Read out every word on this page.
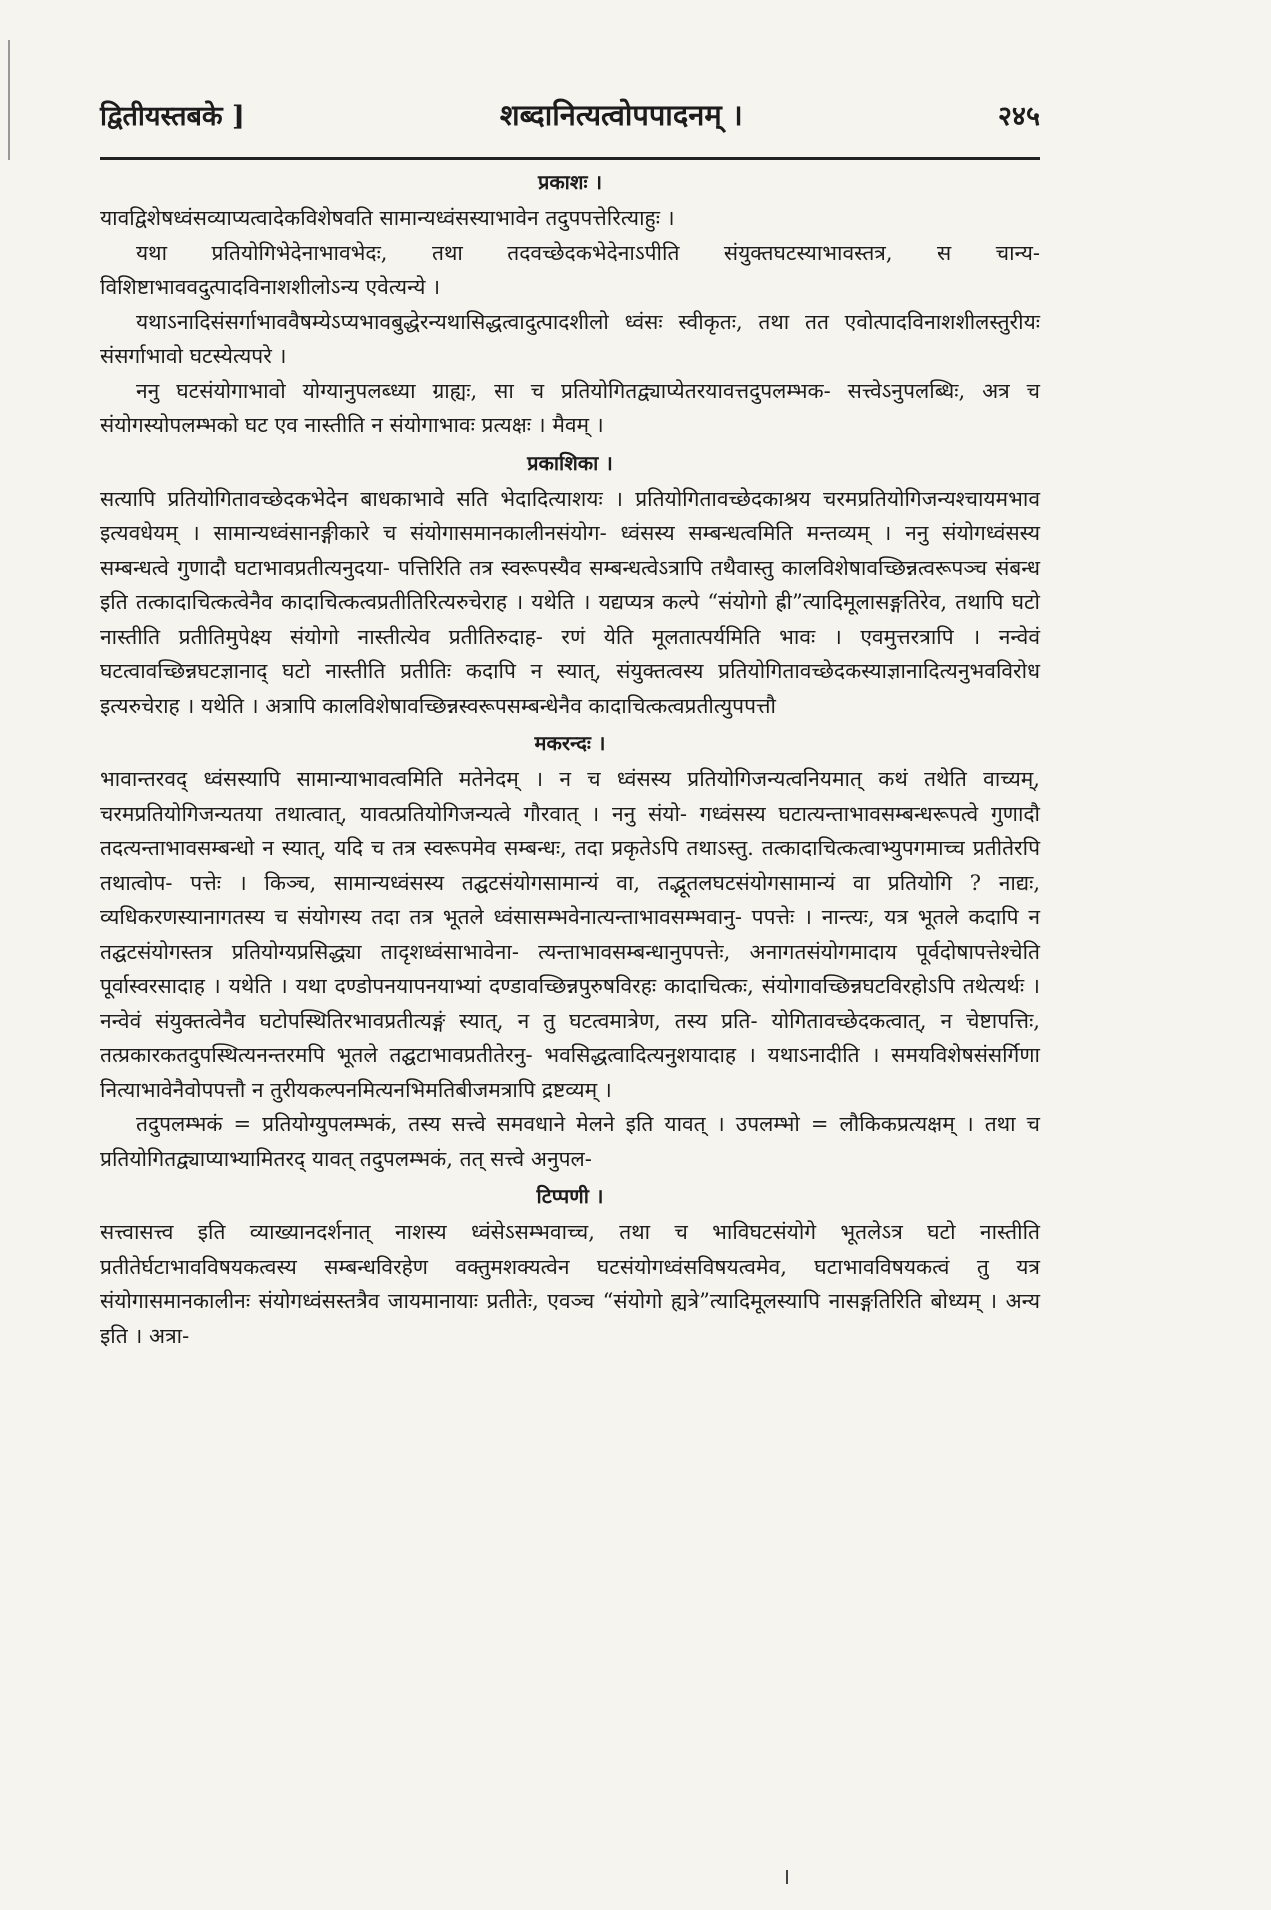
द्वितीयस्तबके ]	शब्दानित्यत्वोपपादनम् ।	२४५
प्रकाशः ।

यावद्विशेषध्वंसव्याप्यत्वादेकविशेषवति सामान्यध्वंसस्याभावेन तदुपपत्तेरित्याहुः ।

यथा प्रतियोगिभेदेनाभावभेदः, तथा तदवच्छेदकभेदेनाऽपीति संयुक्तघटस्याभावस्तत्र, स चान्य- विशिष्टाभाववदुत्पादविनाशशीलोऽन्य एवेत्यन्ये ।

यथाऽनादिसंसर्गाभाववैषम्येऽप्यभावबुद्धेरन्यथासिद्धत्वादुत्पादशीलो ध्वंसः स्वीकृतः, तथा तत एवोत्पादविनाशशीलस्तुरीयः संसर्गाभावो घटस्येत्यपरे ।

ननु घटसंयोगाभावो योग्यानुपलब्ध्या ग्राह्यः, सा च प्रतियोगितद्व्याप्येतरयावत्तदुपलम्भक- सत्त्वेऽनुपलब्धिः, अत्र च संयोगस्योपलम्भको घट एव नास्तीति न संयोगाभावः प्रत्यक्षः । मैवम् ।

प्रकाशिका ।

सत्यापि प्रतियोगितावच्छेदकभेदेन बाधकाभावे सति भेदादित्याशयः । प्रतियोगितावच्छेदकाश्रय चरमप्रतियोगिजन्यश्चायमभाव इत्यवधेयम् । सामान्यध्वंसानङ्गीकारे च संयोगासमानकालीनसंयोग- ध्वंसस्य सम्बन्धत्वमिति मन्तव्यम् । ननु संयोगध्वंसस्य सम्बन्धत्वे गुणादौ घटाभावप्रतीत्यनुदया- पत्तिरिति तत्र स्वरूपस्यैव सम्बन्धत्वेऽत्रापि तथैवास्तु कालविशेषावच्छिन्नत्वरूपञ्च संबन्ध इति तत्कादाचित्कत्वेनैव कादाचित्कत्वप्रतीतिरित्यरुचेराह । यथेति । यद्यप्यत्र कल्पे “संयोगो ह्री”त्यादिमूलासङ्गतिरेव, तथापि घटो नास्तीति प्रतीतिमुपेक्ष्य संयोगो नास्तीत्येव प्रतीतिरुदाह- रणं येति मूलतात्पर्यमिति भावः । एवमुत्तरत्रापि । नन्वेवं घटत्वावच्छिन्नघटज्ञानाद् घटो नास्तीति प्रतीतिः कदापि न स्यात्, संयुक्तत्वस्य प्रतियोगितावच्छेदकस्याज्ञानादित्यनुभवविरोध इत्यरुचेराह । यथेति । अत्रापि कालविशेषावच्छिन्नस्वरूपसम्बन्धेनैव कादाचित्कत्वप्रतीत्युपपत्तौ

मकरन्दः ।

भावान्तरवद् ध्वंसस्यापि सामान्याभावत्वमिति मतेनेदम् । न च ध्वंसस्य प्रतियोगिजन्यत्वनियमात् कथं तथेति वाच्यम्, चरमप्रतियोगिजन्यतया तथात्वात्, यावत्प्रतियोगिजन्यत्वे गौरवात् । ननु संयो- गध्वंसस्य घटात्यन्ताभावसम्बन्धरूपत्वे गुणादौ तदत्यन्ताभावसम्बन्धो न स्यात्, यदि च तत्र स्वरूपमेव सम्बन्धः, तदा प्रकृतेऽपि तथाऽस्तु. तत्कादाचित्कत्वाभ्युपगमाच्च प्रतीतेरपि तथात्वोप- पत्तेः । किञ्च, सामान्यध्वंसस्य तद्घटसंयोगसामान्यं वा, तद्भूतलघटसंयोगसामान्यं वा प्रतियोगि ? नाद्यः, व्यधिकरणस्यानागतस्य च संयोगस्य तदा तत्र भूतले ध्वंसासम्भवेनात्यन्ताभावसम्भवानु- पपत्तेः । नान्त्यः, यत्र भूतले कदापि न तद्घटसंयोगस्तत्र प्रतियोग्यप्रसिद्ध्या तादृशध्वंसाभावेना- त्यन्ताभावसम्बन्धानुपपत्तेः, अनागतसंयोगमादाय पूर्वदोषापत्तेश्चेति पूर्वास्वरसादाह । यथेति । यथा दण्डोपनयापनयाभ्यां दण्डावच्छिन्नपुरुषविरहः कादाचित्कः, संयोगावच्छिन्नघटविरहोऽपि तथेत्यर्थः । नन्वेवं संयुक्तत्वेनैव घटोपस्थितिरभावप्रतीत्यङ्गं स्यात्, न तु घटत्वमात्रेण, तस्य प्रति- योगितावच्छेदकत्वात्, न चेष्टापत्तिः, तत्प्रकारकतदुपस्थित्यनन्तरमपि भूतले तद्घटाभावप्रतीतेरनु- भवसिद्धत्वादित्यनुशयादाह । यथाऽनादीति । समयविशेषसंसर्गिणा नित्याभावेनैवोपपत्तौ न तुरीयकल्पनमित्यनभिमतिबीजमत्रापि द्रष्टव्यम् ।

तदुपलम्भकं = प्रतियोग्युपलम्भकं, तस्य सत्त्वे समवधाने मेलने इति यावत् । उपलम्भो = लौकिकप्रत्यक्षम् । तथा च प्रतियोगितद्व्याप्याभ्यामितरद् यावत् तदुपलम्भकं, तत् सत्त्वे अनुपल-

टिप्पणी ।

सत्त्वासत्त्व इति व्याख्यानदर्शनात् नाशस्य ध्वंसेऽसम्भवाच्च, तथा च भाविघटसंयोगे भूतलेऽत्र घटो नास्तीति प्रतीतेर्घटाभावविषयकत्वस्य सम्बन्धविरहेण वक्तुमशक्यत्वेन घटसंयोगध्वंसविषयत्वमेव, घटाभावविषयकत्वं तु यत्र संयोगासमानकालीनः संयोगध्वंसस्तत्रैव जायमानायाः प्रतीतेः, एवञ्च “संयोगो ह्यत्रे”त्यादिमूलस्यापि नासङ्गतिरिति बोध्यम् । अन्य इति । अत्रा-
